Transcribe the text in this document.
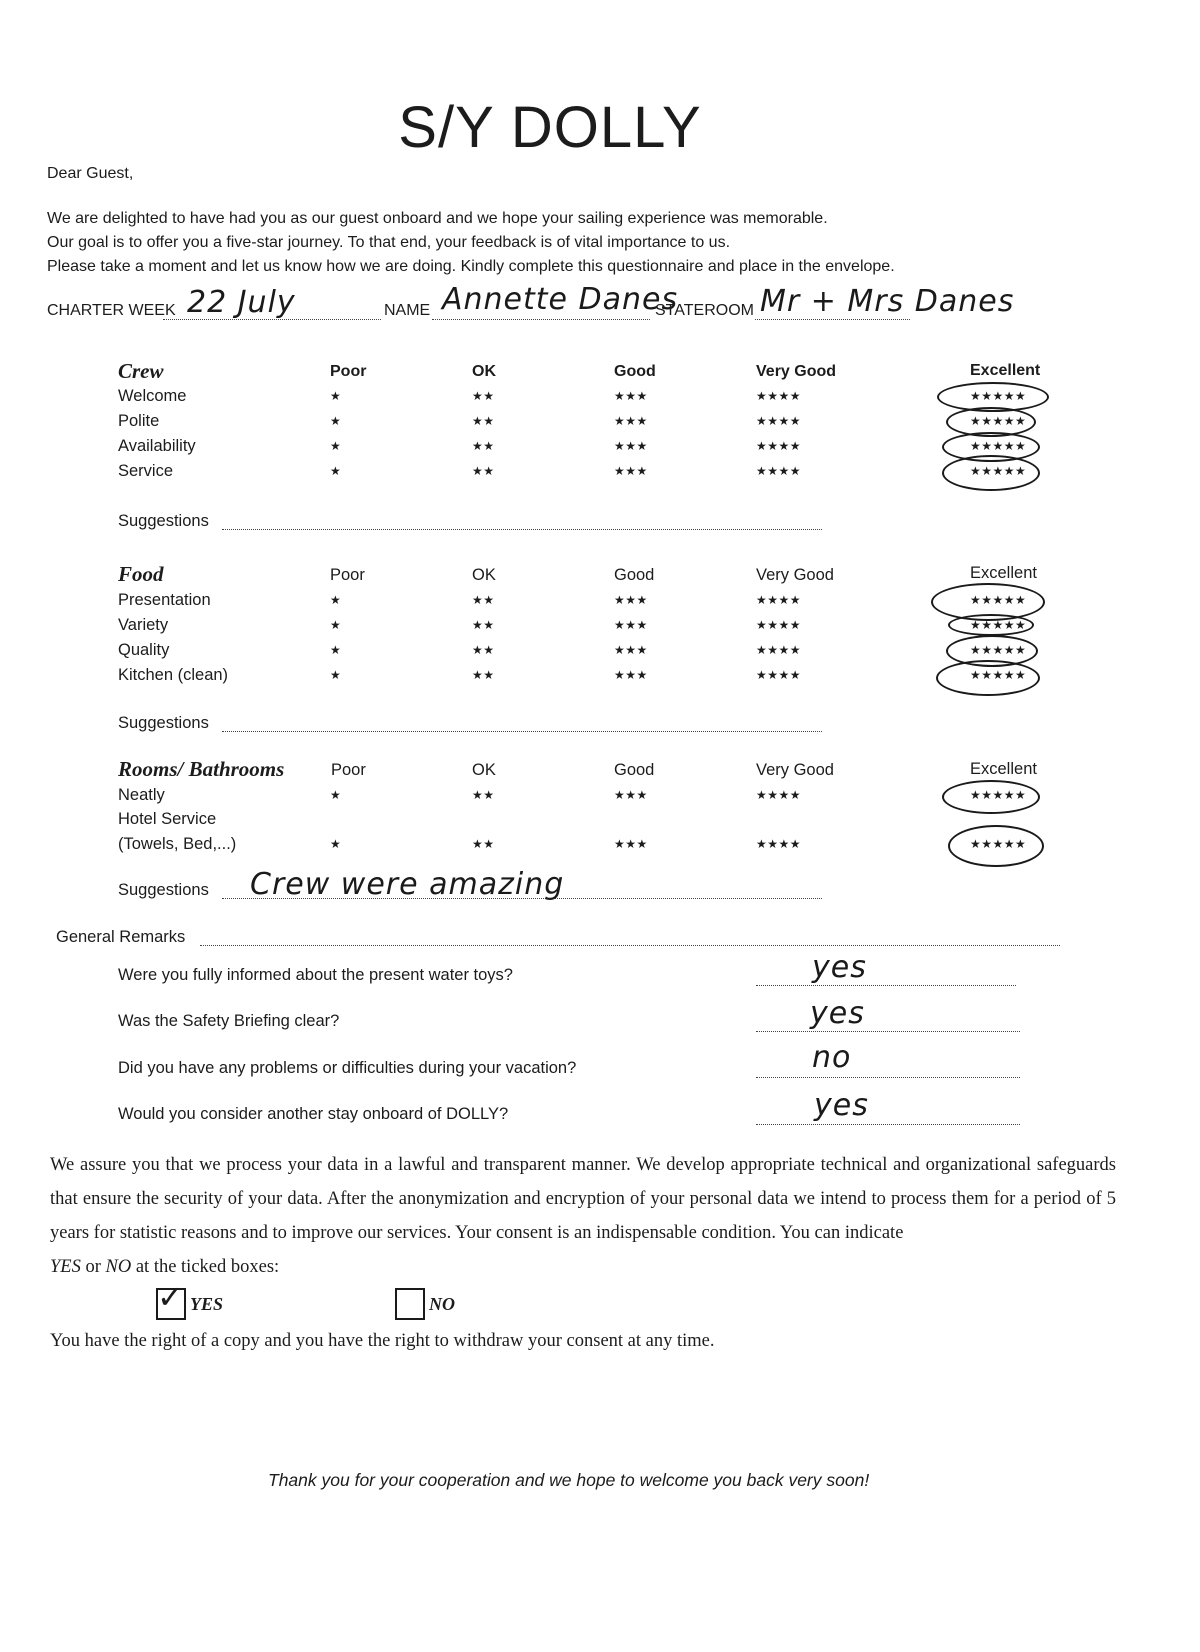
S/Y DOLLY
Dear Guest,
We are delighted to have had you as our guest onboard and we hope your sailing experience was memorable.
Our goal is to offer you a five-star journey. To that end, your feedback is of vital importance to us.
Please take a moment and let us know how we are doing. Kindly complete this questionnaire and place in the envelope.
CHARTER WEEK 22 July	NAME Annette Danes
STATEROOM Mr + Mrs Danes
Crew	Poor	OK	Good	Very Good	Excellent
Welcome	★	★★	★★★	★★★★	★★★★★
Polite	★	★★	★★★	★★★★	★★★★★
Availability	★	★★	★★★	★★★★	★★★★★
Service	★	★★	★★★	★★★★	★★★★★
Suggestions
Food	Poor	OK	Good	Very Good	Excellent
Presentation	★	★★	★★★	★★★★	★★★★★
Variety	★	★★	★★★	★★★★	★★★★★
Quality	★	★★	★★★	★★★★	★★★★★
Kitchen (clean)	★	★★	★★★	★★★★	★★★★★
Suggestions
Rooms/ Bathrooms	Poor	OK	Good	Very Good	Excellent
Neatly	★	★★	★★★	★★★★	★★★★★
Hotel Service
(Towels, Bed,...)	★	★★	★★★	★★★★	★★★★★
Suggestions Crew were amazing
General Remarks
Were you fully informed about the present water toys?	yes
Was the Safety Briefing clear?	yes
Did you have any problems or difficulties during your vacation?	no
Would you consider another stay onboard of DOLLY?	yes
We assure you that we process your data in a lawful and transparent manner. We develop appropriate technical and organizational safeguards that ensure the security of your data. After the anonymization and encryption of your personal data we intend to process them for a period of 5 years for statistic reasons and to improve our services. Your consent is an indispensable condition. You can indicate
YES or NO at the ticked boxes:
✓ YES	NO
You have the right of a copy and you have the right to withdraw your consent at any time.
Thank you for your cooperation and we hope to welcome you back very soon!
